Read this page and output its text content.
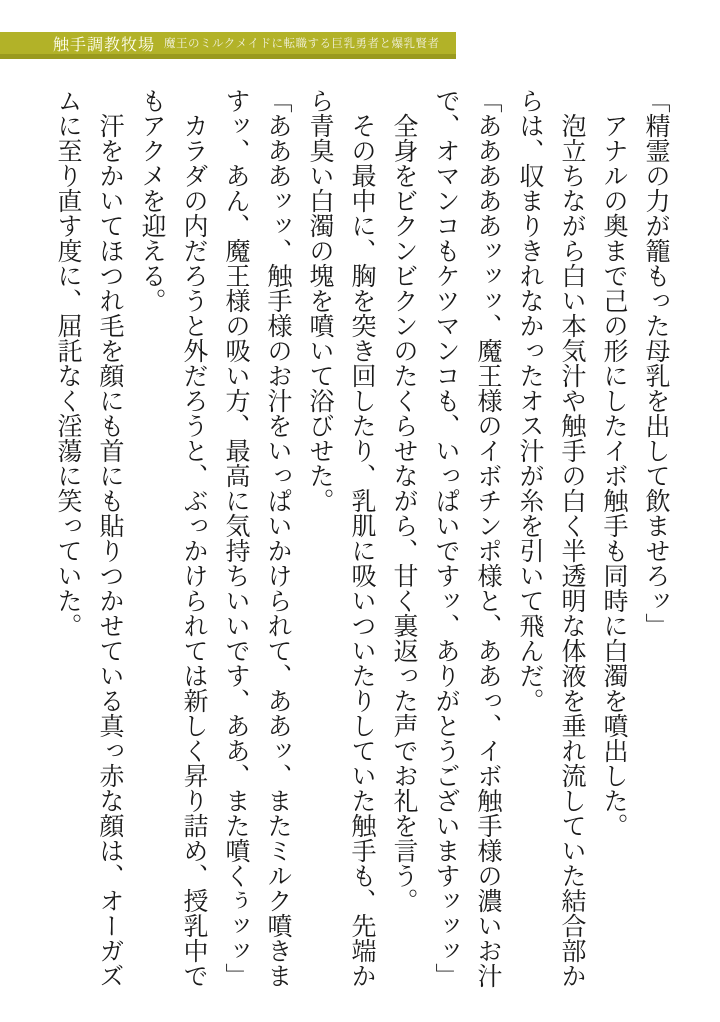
触手調教牧場 魔王のミルクメイドに転職する巨乳勇者と爆乳賢者

「精霊の力が籠もった母乳を出して飲ませろッ」

アナルの奥まで己の形にしたイボ触手も同時に白濁を噴出した。

泡立ちながら白い本気汁や触手の白く半透明な体液を垂れ流していた結合部からは、収まりきれなかったオス汁が糸を引いて飛んだ。

「あああああッッッ、魔王様のイボチンポ様と、ああっ、イボ触手様の濃いお汁で、オマンコもケツマンコも、いっぱいですッ、ありがとうございますッッッ」

全身をビクンビクンのたくらせながら、甘く裏返った声でお礼を言う。

その最中に、胸を突き回したり、乳肌に吸いついたりしていた触手も、先端から青臭い白濁の塊を噴いて浴びせた。

「あああッッ、触手様のお汁をいっぱいかけられて、ああッ、またミルク噴きますッ、あん、魔王様の吸い方、最高に気持ちいいです、ああ、また噴くぅッッ」

カラダの内だろうと外だろうと、ぶっかけられては新しく昇り詰め、授乳中でもアクメを迎える。

汗をかいてほつれ毛を顔にも首にも貼りつかせている真っ赤な顔は、オーガズムに至り直す度に、屈託なく淫蕩に笑っていた。
